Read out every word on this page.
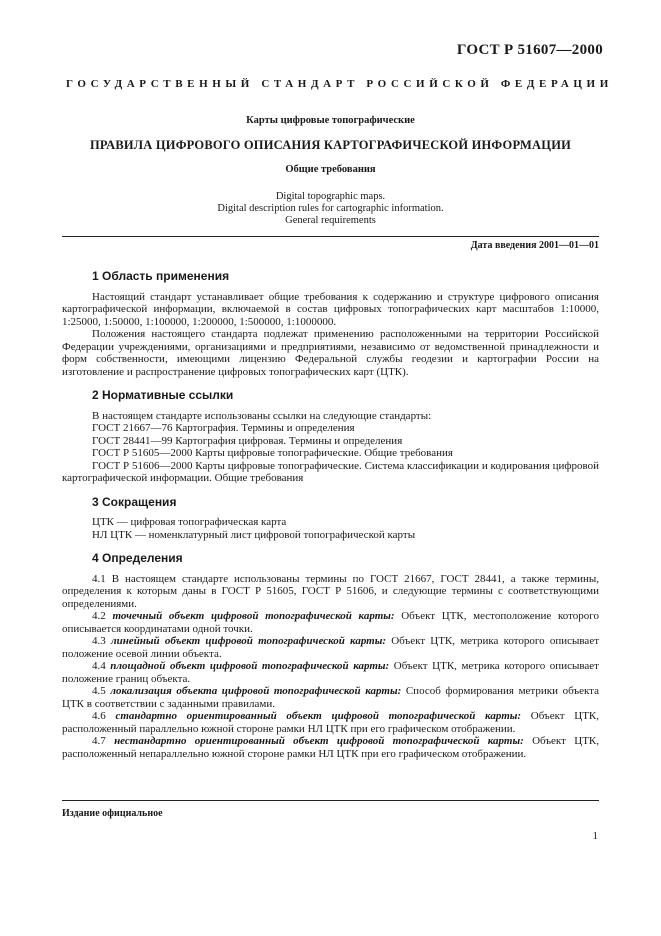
ГОСТ Р 51607—2000
ГОСУДАРСТВЕННЫЙ СТАНДАРТ РОССИЙСКОЙ ФЕДЕРАЦИИ
Карты цифровые топографические
ПРАВИЛА ЦИФРОВОГО ОПИСАНИЯ КАРТОГРАФИЧЕСКОЙ ИНФОРМАЦИИ
Общие требования
Digital topographic maps.
Digital description rules for cartographic information.
General requirements
Дата введения 2001—01—01
1 Область применения

Настоящий стандарт устанавливает общие требования к содержанию и структуре цифрового описания картографической информации, включаемой в состав цифровых топографических карт масштабов 1:10000, 1:25000, 1:50000, 1:100000, 1:200000, 1:500000, 1:1000000.

Положения настоящего стандарта подлежат применению расположенными на территории Российской Федерации учреждениями, организациями и предприятиями, независимо от ведомственной принадлежности и форм собственности, имеющими лицензию Федеральной службы геодезии и картографии России на изготовление и распространение цифровых топографических карт (ЦТК).

2 Нормативные ссылки

В настоящем стандарте использованы ссылки на следующие стандарты:

ГОСТ 21667—76 Картография. Термины и определения

ГОСТ 28441—99 Картография цифровая. Термины и определения

ГОСТ Р 51605—2000 Карты цифровые топографические. Общие требования

ГОСТ Р 51606—2000 Карты цифровые топографические. Система классификации и кодирования цифровой картографической информации. Общие требования

3 Сокращения

ЦТК — цифровая топографическая карта

НЛ ЦТК — номенклатурный лист цифровой топографической карты

4 Определения

4.1 В настоящем стандарте использованы термины по ГОСТ 21667, ГОСТ 28441, а также термины, определения к которым даны в ГОСТ Р 51605, ГОСТ Р 51606, и следующие термины с соответствующими определениями.

4.2 точечный объект цифровой топографической карты: Объект ЦТК, местоположение которого описывается координатами одной точки.

4.3 линейный объект цифровой топографической карты: Объект ЦТК, метрика которого описывает положение осевой линии объекта.

4.4 площадной объект цифровой топографической карты: Объект ЦТК, метрика которого описывает положение границ объекта.

4.5 локализация объекта цифровой топографической карты: Способ формирования метрики объекта ЦТК в соответствии с заданными правилами.

4.6 стандартно ориентированный объект цифровой топографической карты: Объект ЦТК, расположенный параллельно южной стороне рамки НЛ ЦТК при его графическом отображении.

4.7 нестандартно ориентированный объект цифровой топографической карты: Объект ЦТК, расположенный непараллельно южной стороне рамки НЛ ЦТК при его графическом отображении.

Издание официальное
1
